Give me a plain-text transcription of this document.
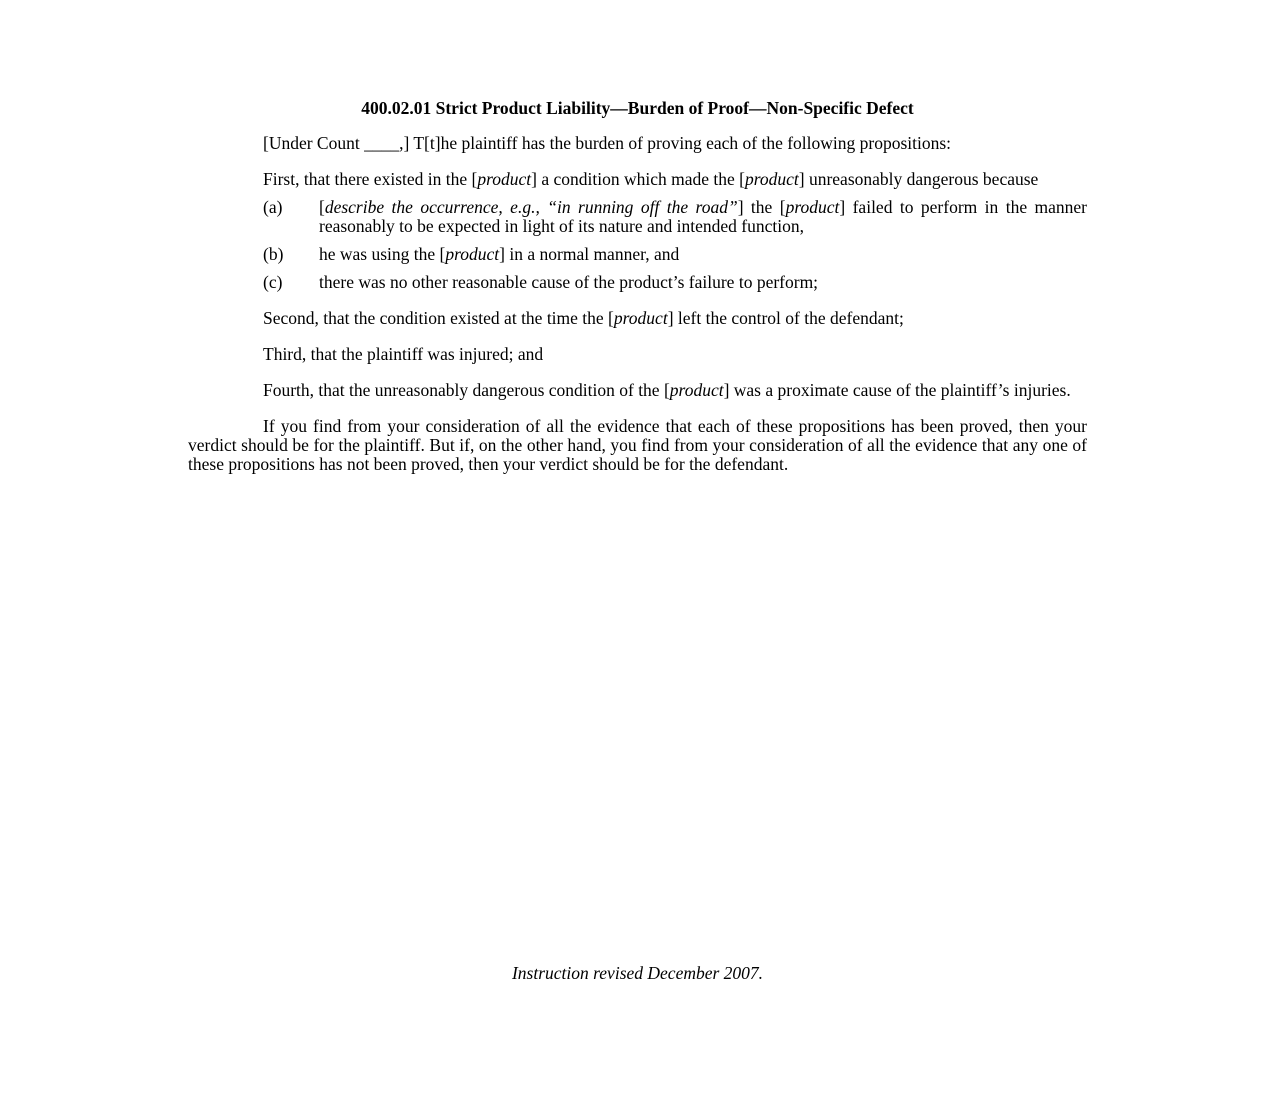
400.02.01 Strict Product Liability—Burden of Proof—Non-Specific Defect

[Under Count ____,] T[t]he plaintiff has the burden of proving each of the following propositions:

First, that there existed in the [product] a condition which made the [product] unreasonably dangerous because

(a)	[describe the occurrence, e.g., “in running off the road”] the [product] failed to perform in the manner reasonably to be expected in light of its nature and intended function,
(b)	he was using the [product] in a normal manner, and
(c)	there was no other reasonable cause of the product’s failure to perform;

Second, that the condition existed at the time the [product] left the control of the defendant;

Third, that the plaintiff was injured; and

Fourth, that the unreasonably dangerous condition of the [product] was a proximate cause of the plaintiff’s injuries.

If you find from your consideration of all the evidence that each of these propositions has been proved, then your verdict should be for the plaintiff. But if, on the other hand, you find from your consideration of all the evidence that any one of these propositions has not been proved, then your verdict should be for the defendant.

Instruction revised December 2007.
